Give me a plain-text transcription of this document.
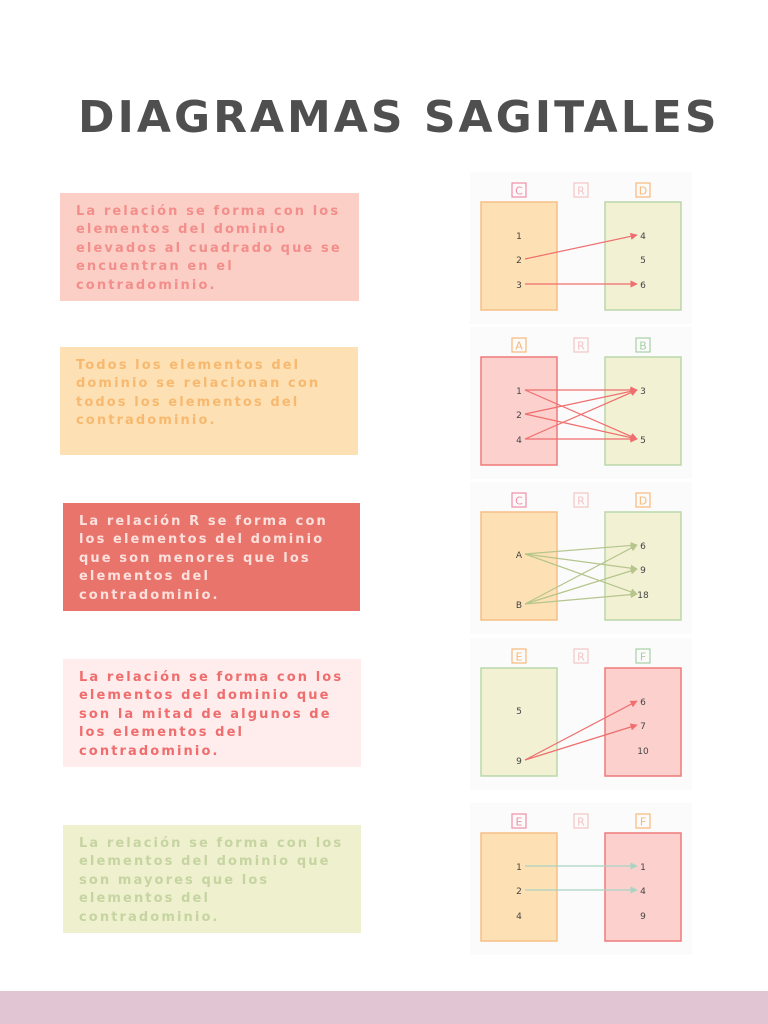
DIAGRAMAS SAGITALES
La relación se forma con los
elementos del dominio
elevados al cuadrado que se
encuentran en el
contradominio.
Todos los elementos del
dominio se relacionan con
todos los elementos del
contradominio.
La relación R se forma con
los elementos del dominio
que son menores que los
elementos del
contradominio.
La relación se forma con los
elementos del dominio que
son la mitad de algunos de
los elementos del
contradominio.
La relación se forma con los
elementos del dominio que
son mayores que los
elementos del
contradominio.
C	R	D
1
2
3
4
5
6
A	R	B
1
2
4
3
5
C	R	D
A
B
6
9
18
E	R	F
5
9
6
7
10
E	R	F
1
2
4
1
4
9
